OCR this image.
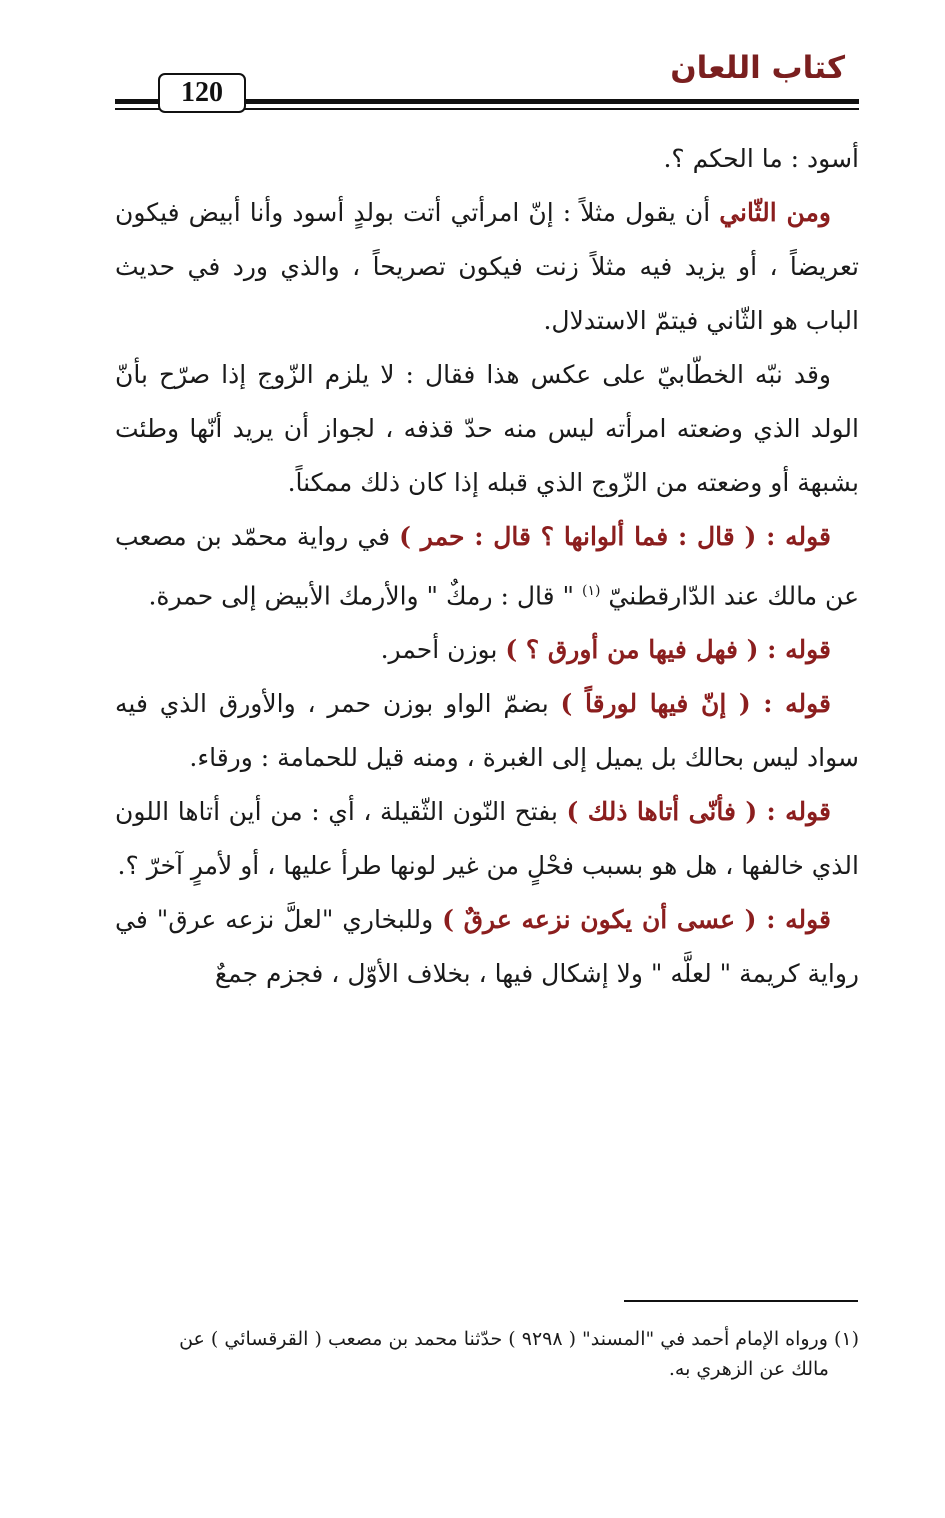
كتاب اللعان
120

أسود : ما الحكم ؟.

ومن الثّاني أن يقول مثلاً : إنّ امرأتي أتت بولدٍ أسود وأنا أبيض فيكون تعريضاً ، أو يزيد فيه مثلاً زنت فيكون تصريحاً ، والذي ورد في حديث الباب هو الثّاني فيتمّ الاستدلال.

وقد نبّه الخطّابيّ على عكس هذا فقال : لا يلزم الزّوج إذا صرّح بأنّ الولد الذي وضعته امرأته ليس منه حدّ قذفه ، لجواز أن يريد أنّها وطئت بشبهة أو وضعته من الزّوج الذي قبله إذا كان ذلك ممكناً.

قوله : ( قال : فما ألوانها ؟ قال : حمر ) في رواية محمّد بن مصعب عن مالك عند الدّارقطنيّ $^{(١)}$ " قال : رمكٌ " والأرمك الأبيض إلى حمرة.

قوله : ( فهل فيها من أورق ؟ ) بوزن أحمر.

قوله : ( إنّ فيها لورقاً ) بضمّ الواو بوزن حمر ، والأورق الذي فيه سواد ليس بحالك بل يميل إلى الغبرة ، ومنه قيل للحمامة : ورقاء.

قوله : ( فأنّى أتاها ذلك ) بفتح النّون الثّقيلة ، أي : من أين أتاها اللون الذي خالفها ، هل هو بسبب فحْلٍ من غير لونها طرأ عليها ، أو لأمرٍ آخرّ ؟.

قوله : ( عسى أن يكون نزعه عرقٌ ) وللبخاري "لعلَّ نزعه عرق" في رواية كريمة " لعلَّه " ولا إشكال فيها ، بخلاف الأوّل ، فجزم جمعٌ

(١) ورواه الإمام أحمد في "المسند" ( ٩٢٩٨ ) حدّثنا محمد بن مصعب ( القرقسائي ) عن
مالك عن الزهري به.
